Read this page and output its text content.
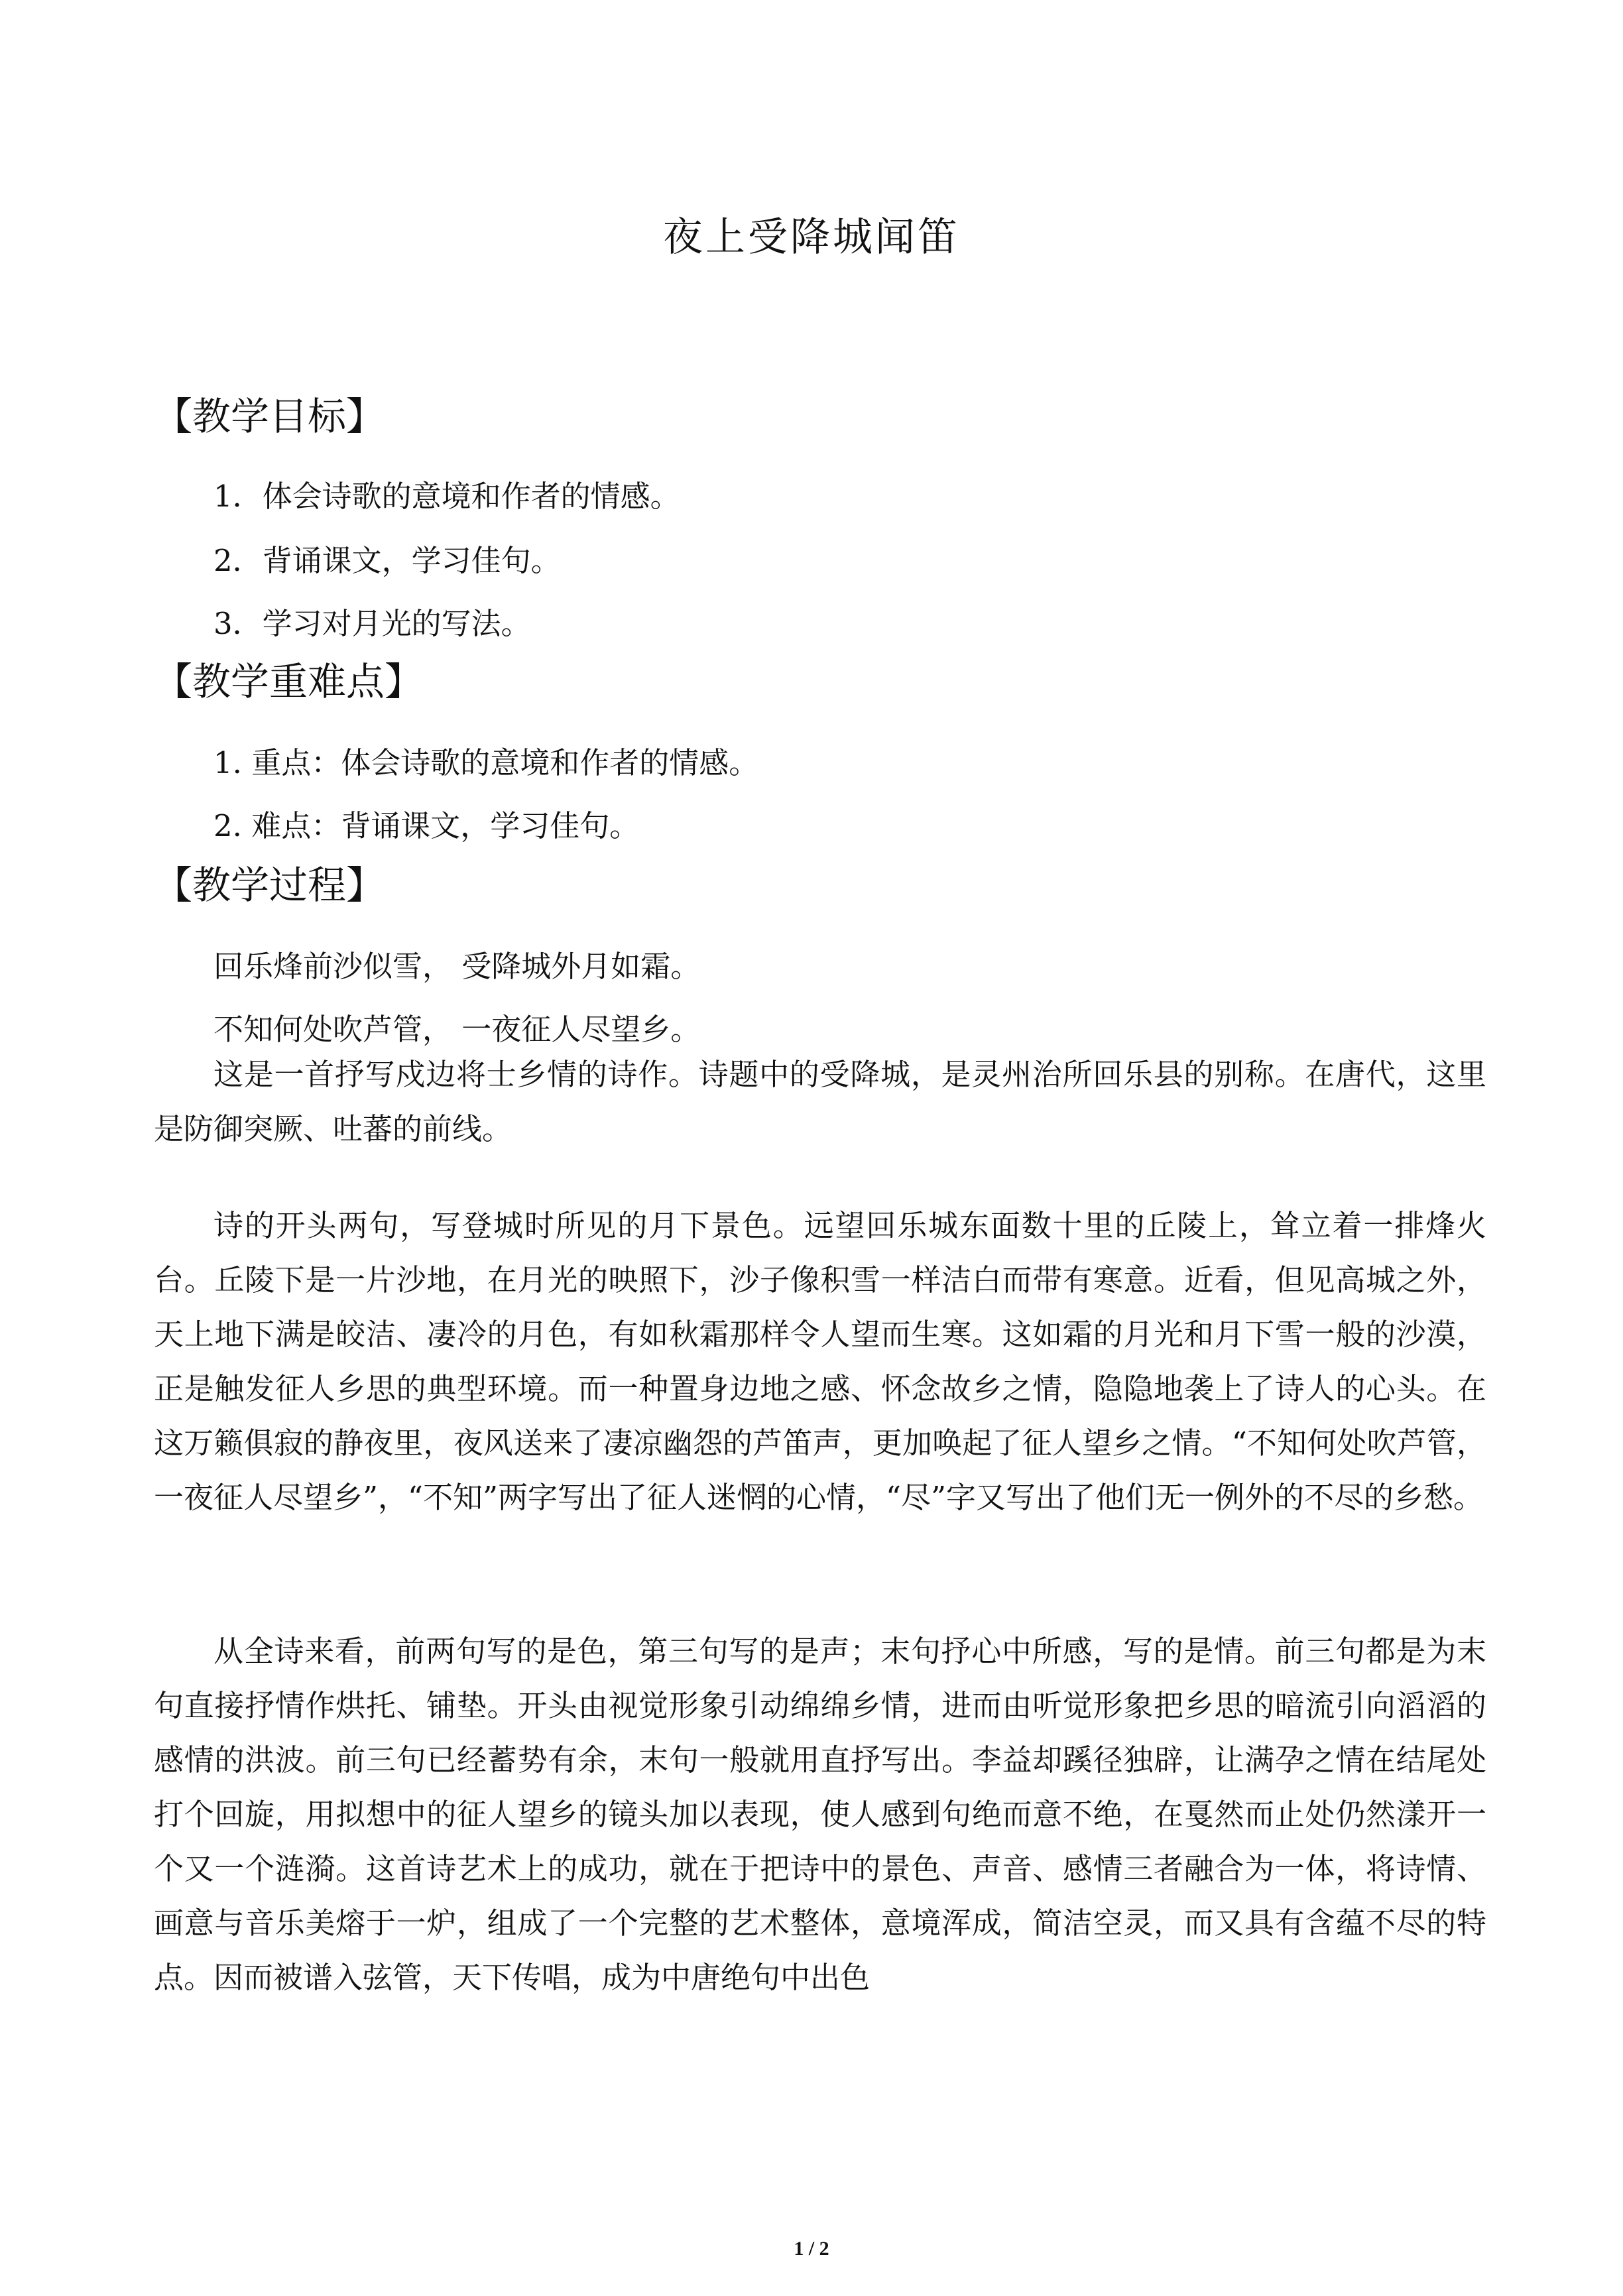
夜上受降城闻笛
【教学目标】
1．体会诗歌的意境和作者的情感。
2．背诵课文，学习佳句。
3．学习对月光的写法。
【教学重难点】
1. 重点：体会诗歌的意境和作者的情感。
2. 难点：背诵课文，学习佳句。
【教学过程】
回乐烽前沙似雪， 受降城外月如霜。
不知何处吹芦管， 一夜征人尽望乡。
这是一首抒写戍边将士乡情的诗作。诗题中的受降城，是灵州治所回乐县的别称。在唐代，这里是防御突厥、吐蕃的前线。
诗的开头两句，写登城时所见的月下景色。远望回乐城东面数十里的丘陵上，耸立着一排烽火台。丘陵下是一片沙地，在月光的映照下，沙子像积雪一样洁白而带有寒意。近看，但见高城之外，天上地下满是皎洁、凄冷的月色，有如秋霜那样令人望而生寒。这如霜的月光和月下雪一般的沙漠，正是触发征人乡思的典型环境。而一种置身边地之感、怀念故乡之情，隐隐地袭上了诗人的心头。在这万籁俱寂的静夜里，夜风送来了凄凉幽怨的芦笛声，更加唤起了征人望乡之情。“不知何处吹芦管，一夜征人尽望乡”，“不知”两字写出了征人迷惘的心情，“尽”字又写出了他们无一例外的不尽的乡愁。
从全诗来看，前两句写的是色，第三句写的是声；末句抒心中所感，写的是情。前三句都是为末句直接抒情作烘托、铺垫。开头由视觉形象引动绵绵乡情，进而由听觉形象把乡思的暗流引向滔滔的感情的洪波。前三句已经蓄势有余，末句一般就用直抒写出。李益却蹊径独辟，让满孕之情在结尾处打个回旋，用拟想中的征人望乡的镜头加以表现，使人感到句绝而意不绝，在戛然而止处仍然漾开一个又一个涟漪。这首诗艺术上的成功，就在于把诗中的景色、声音、感情三者融合为一体，将诗情、画意与音乐美熔于一炉，组成了一个完整的艺术整体，意境浑成，简洁空灵，而又具有含蕴不尽的特点。因而被谱入弦管，天下传唱，成为中唐绝句中出色
1 / 2
